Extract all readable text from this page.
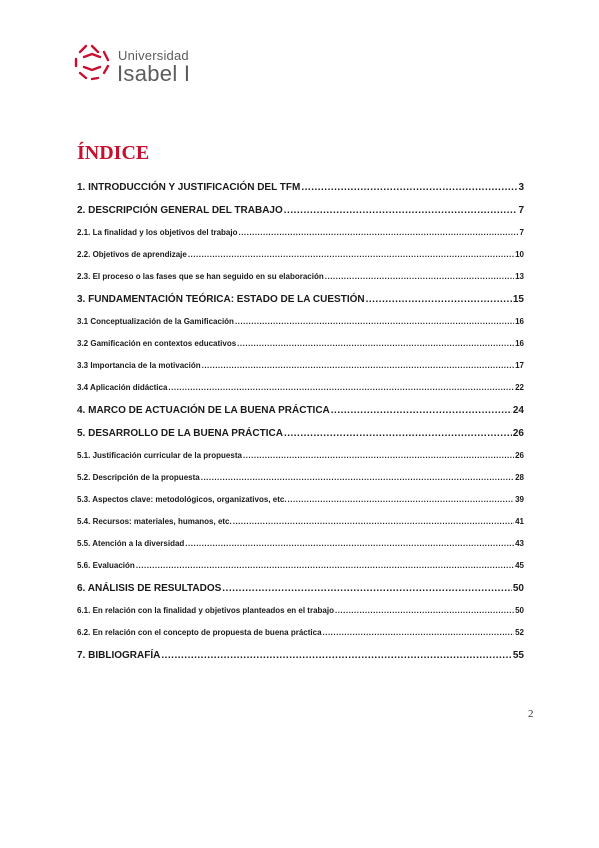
Universidad
Isabel I
ÍNDICE
1. INTRODUCCIÓN Y JUSTIFICACIÓN DEL TFM .....	3
2. DESCRIPCIÓN GENERAL DEL TRABAJO .....	7
2.1. La finalidad y los objetivos del trabajo .....	7
2.2. Objetivos de aprendizaje .....	10
2.3. El proceso o las fases que se han seguido en su elaboración .....	13
3. FUNDAMENTACIÓN TEÓRICA: ESTADO DE LA CUESTIÓN .....	15
3.1 Conceptualización de la Gamificación .....	16
3.2 Gamificación en contextos educativos .....	16
3.3 Importancia de la motivación .....	17
3.4 Aplicación didáctica .....	22
4. MARCO DE ACTUACIÓN DE LA BUENA PRÁCTICA .....	24
5. DESARROLLO DE LA BUENA PRÁCTICA .....	26
5.1. Justificación curricular de la propuesta .....	26
5.2. Descripción de la propuesta .....	28
5.3. Aspectos clave: metodológicos, organizativos, etc. .....	39
5.4. Recursos: materiales, humanos, etc. .....	41
5.5. Atención a la diversidad .....	43
5.6. Evaluación .....	45
6. ANÁLISIS DE RESULTADOS .....	50
6.1. En relación con la finalidad y objetivos planteados en el trabajo .....	50
6.2. En relación con el concepto de propuesta de buena práctica .....	52
7. BIBLIOGRAFÍA .....	55
2
